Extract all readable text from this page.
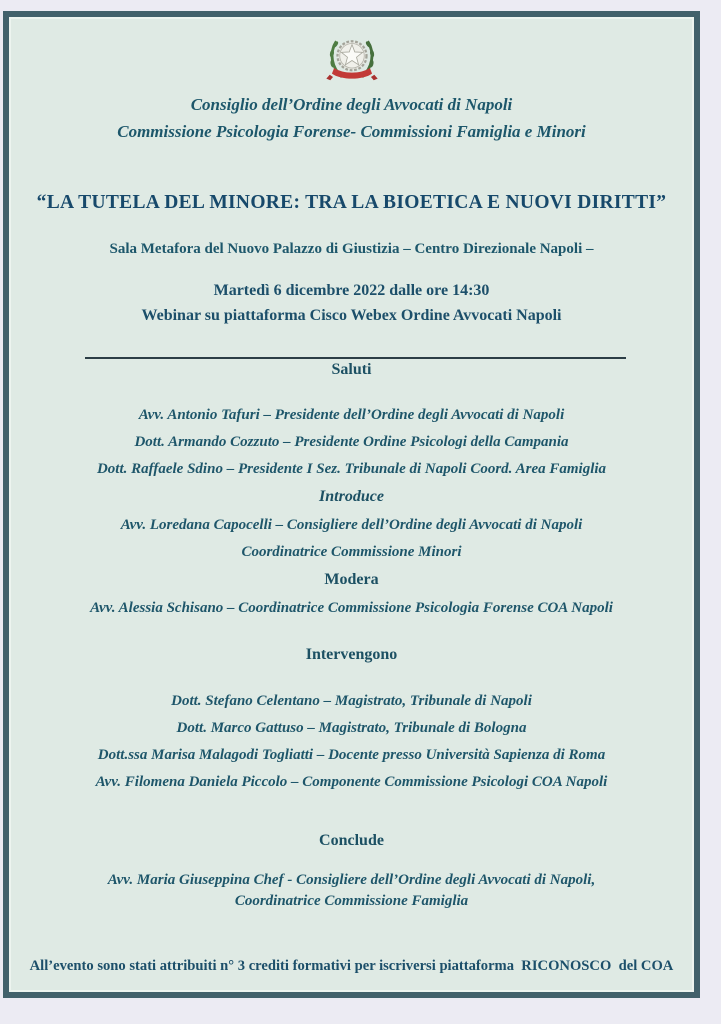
Consiglio dell’Ordine degli Avvocati di Napoli
Commissione Psicologia Forense- Commissioni Famiglia e Minori
“LA TUTELA DEL MINORE: TRA LA BIOETICA E NUOVI DIRITTI”
Sala Metafora del Nuovo Palazzo di Giustizia – Centro Direzionale Napoli –
Martedì 6 dicembre 2022 dalle ore 14:30
Webinar su piattaforma Cisco Webex Ordine Avvocati Napoli
Saluti
Avv. Antonio Tafuri – Presidente dell’Ordine degli Avvocati di Napoli
Dott. Armando Cozzuto – Presidente Ordine Psicologi della Campania
Dott. Raffaele Sdino – Presidente I Sez. Tribunale di Napoli Coord. Area Famiglia
Introduce
Avv. Loredana Capocelli – Consigliere dell’Ordine degli Avvocati di Napoli
Coordinatrice Commissione Minori
Modera
Avv. Alessia Schisano – Coordinatrice Commissione Psicologia Forense COA Napoli
Intervengono
Dott. Stefano Celentano – Magistrato, Tribunale di Napoli
Dott. Marco Gattuso – Magistrato, Tribunale di Bologna
Dott.ssa Marisa Malagodi Togliatti – Docente presso Università Sapienza di Roma
Avv. Filomena Daniela Piccolo – Componente Commissione Psicologi COA Napoli
Conclude
Avv. Maria Giuseppina Chef - Consigliere dell’Ordine degli Avvocati di Napoli,
Coordinatrice Commissione Famiglia
All’evento sono stati attribuiti n° 3 crediti formativi per iscriversi piattaforma  RICONOSCO  del COA
